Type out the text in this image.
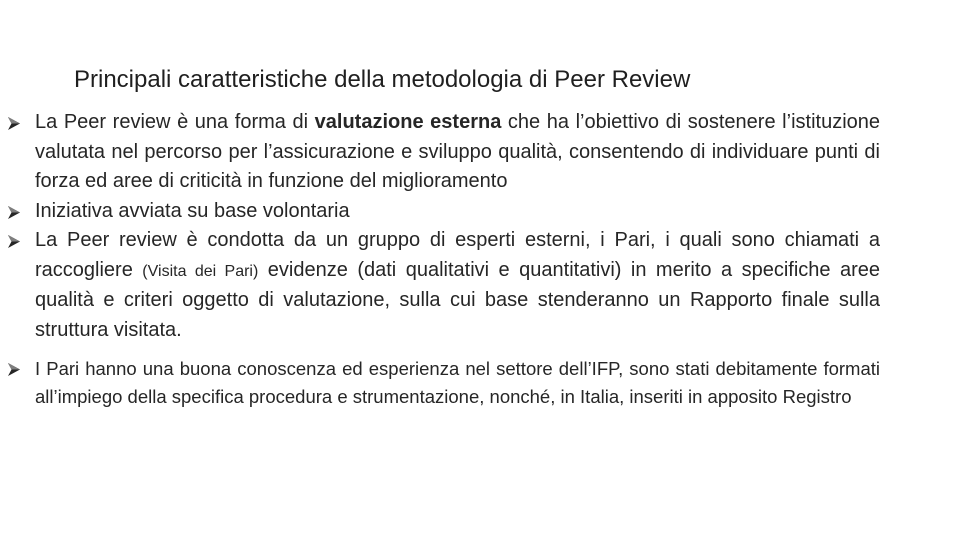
Principali caratteristiche della metodologia di Peer Review
La Peer review è una forma di valutazione esterna che ha l’obiettivo di sostenere l’istituzione valutata nel percorso per l’assicurazione e sviluppo qualità, consentendo di individuare punti di forza ed aree di criticità in funzione del miglioramento
Iniziativa avviata su base volontaria
La Peer review è condotta da un gruppo di esperti esterni, i Pari, i quali sono chiamati a raccogliere (Visita dei Pari) evidenze (dati qualitativi e quantitativi) in merito a specifiche aree qualità e criteri oggetto di valutazione, sulla cui base stenderanno un Rapporto finale sulla struttura visitata.
I Pari hanno una buona conoscenza ed esperienza nel settore dell’IFP, sono stati debitamente formati all’impiego della specifica procedura e strumentazione, nonché, in Italia, inseriti in apposito Registro
